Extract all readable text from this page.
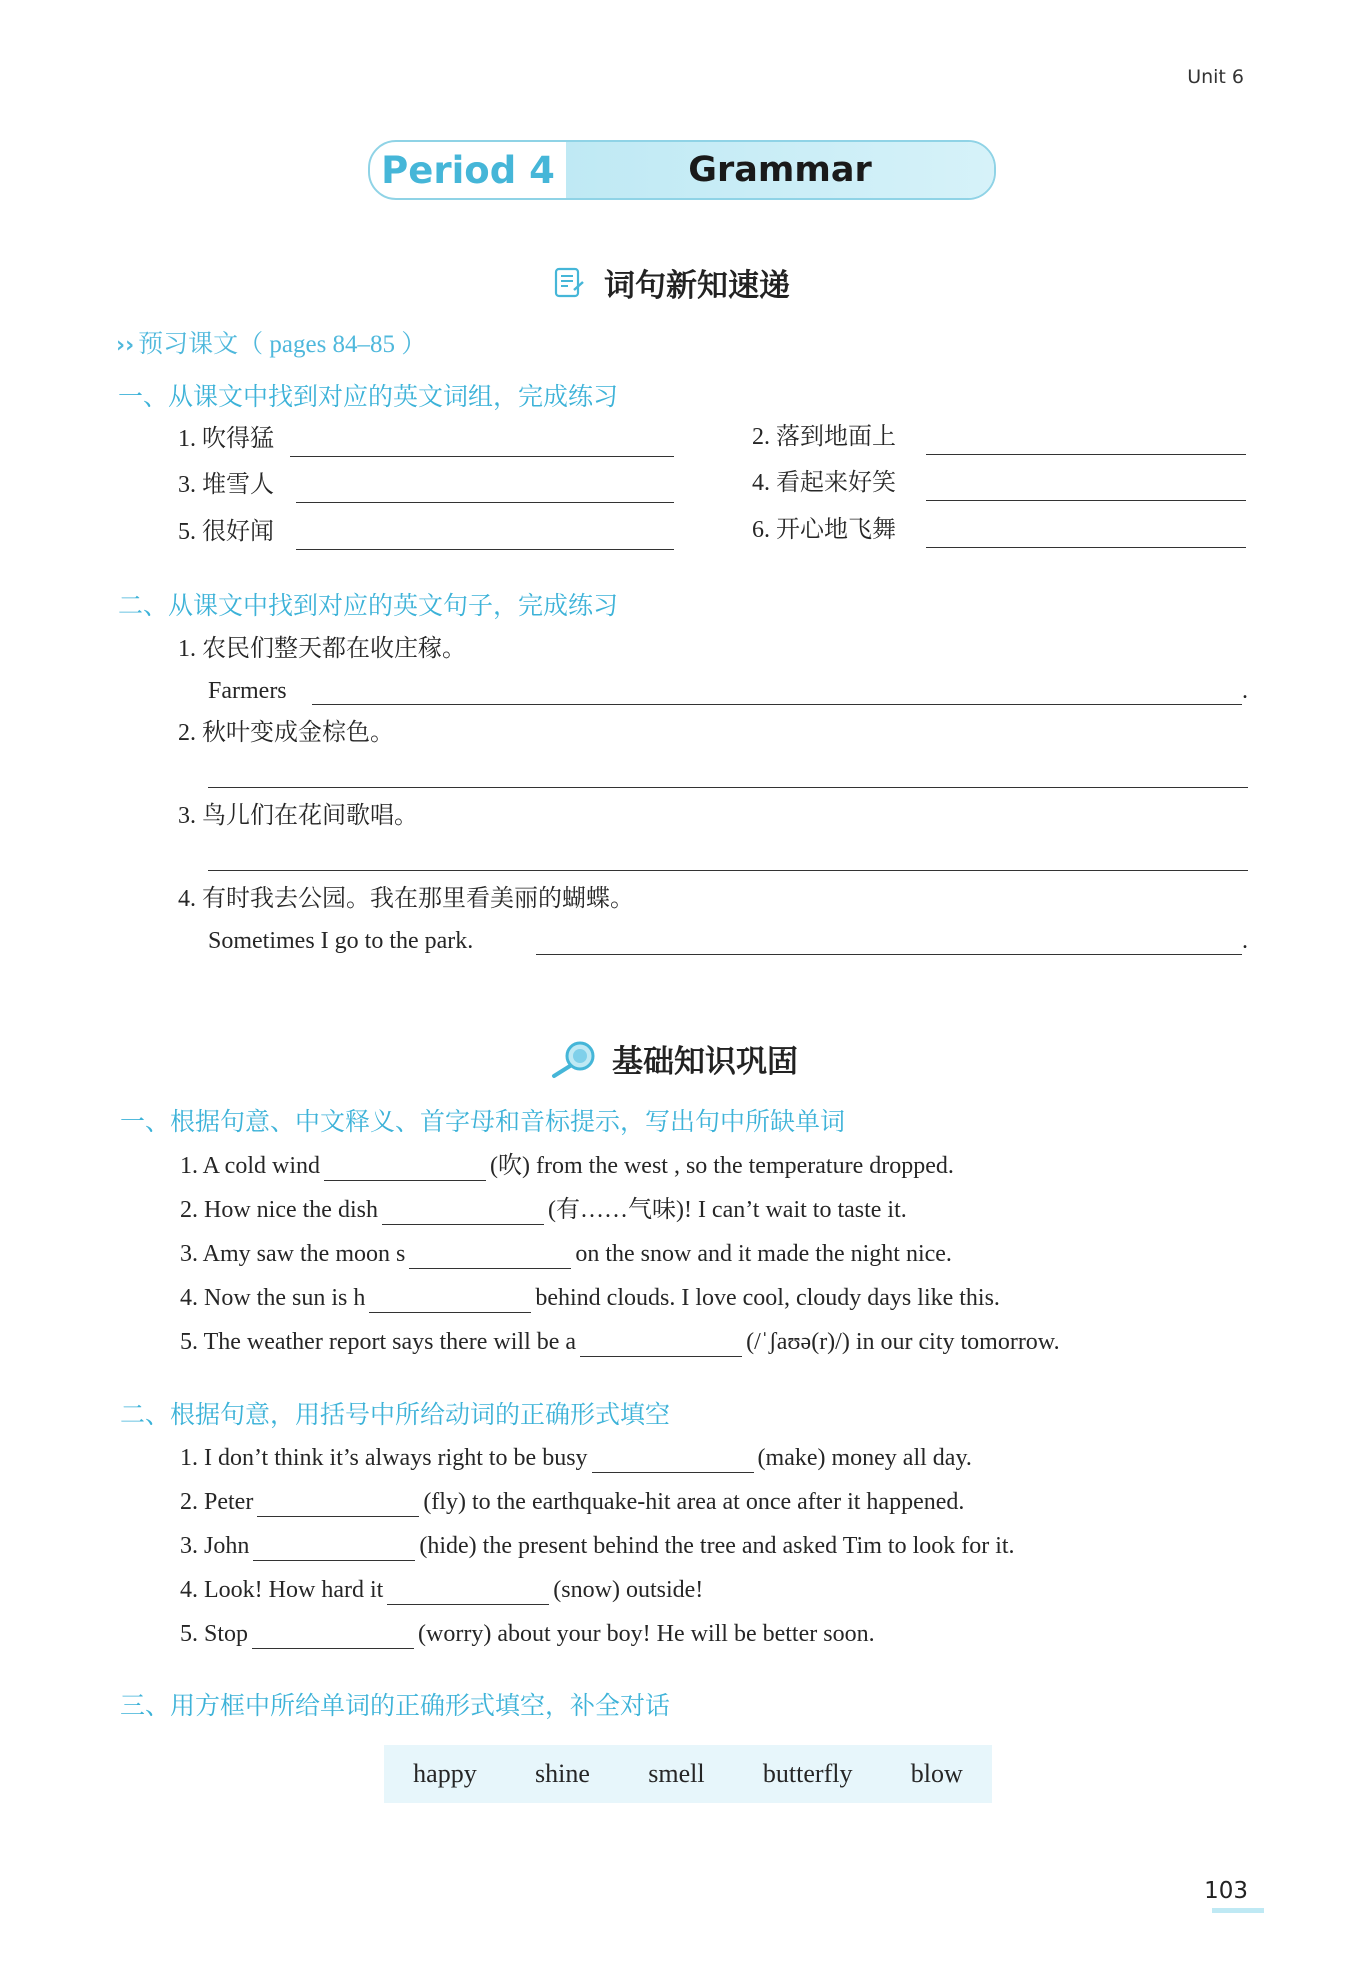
Unit 6
Period 4	Grammar
词句新知速递
›› 预习课文（ pages 84–85 ）
一、从课文中找到对应的英文词组，完成练习
1. 吹得猛	2. 落到地面上
3. 堆雪人	4. 看起来好笑
5. 很好闻	6. 开心地飞舞
二、从课文中找到对应的英文句子，完成练习
1. 农民们整天都在收庄稼。
Farmers	.
2. 秋叶变成金棕色。
3. 鸟儿们在花间歌唱。
4. 有时我去公园。我在那里看美丽的蝴蝶。
Sometimes I go to the park.	.
基础知识巩固
一、根据句意、中文释义、首字母和音标提示，写出句中所缺单词
1. A cold wind	(吹) from the west , so the temperature dropped.
2. How nice the dish	(有……气味)! I can’t wait to taste it.
3. Amy saw the moon s	on the snow and it made the night nice.
4. Now the sun is h	behind clouds. I love cool, cloudy days like this.
5. The weather report says there will be a	(/ˈʃaʊə(r)/) in our city tomorrow.
二、根据句意，用括号中所给动词的正确形式填空
1. I don’t think it’s always right to be busy	(make) money all day.
2. Peter	(fly) to the earthquake-hit area at once after it happened.
3. John	(hide) the present behind the tree and asked Tim to look for it.
4. Look! How hard it	(snow) outside!
5. Stop	(worry) about your boy! He will be better soon.
三、用方框中所给单词的正确形式填空，补全对话
happy shine smell butterfly blow
103
